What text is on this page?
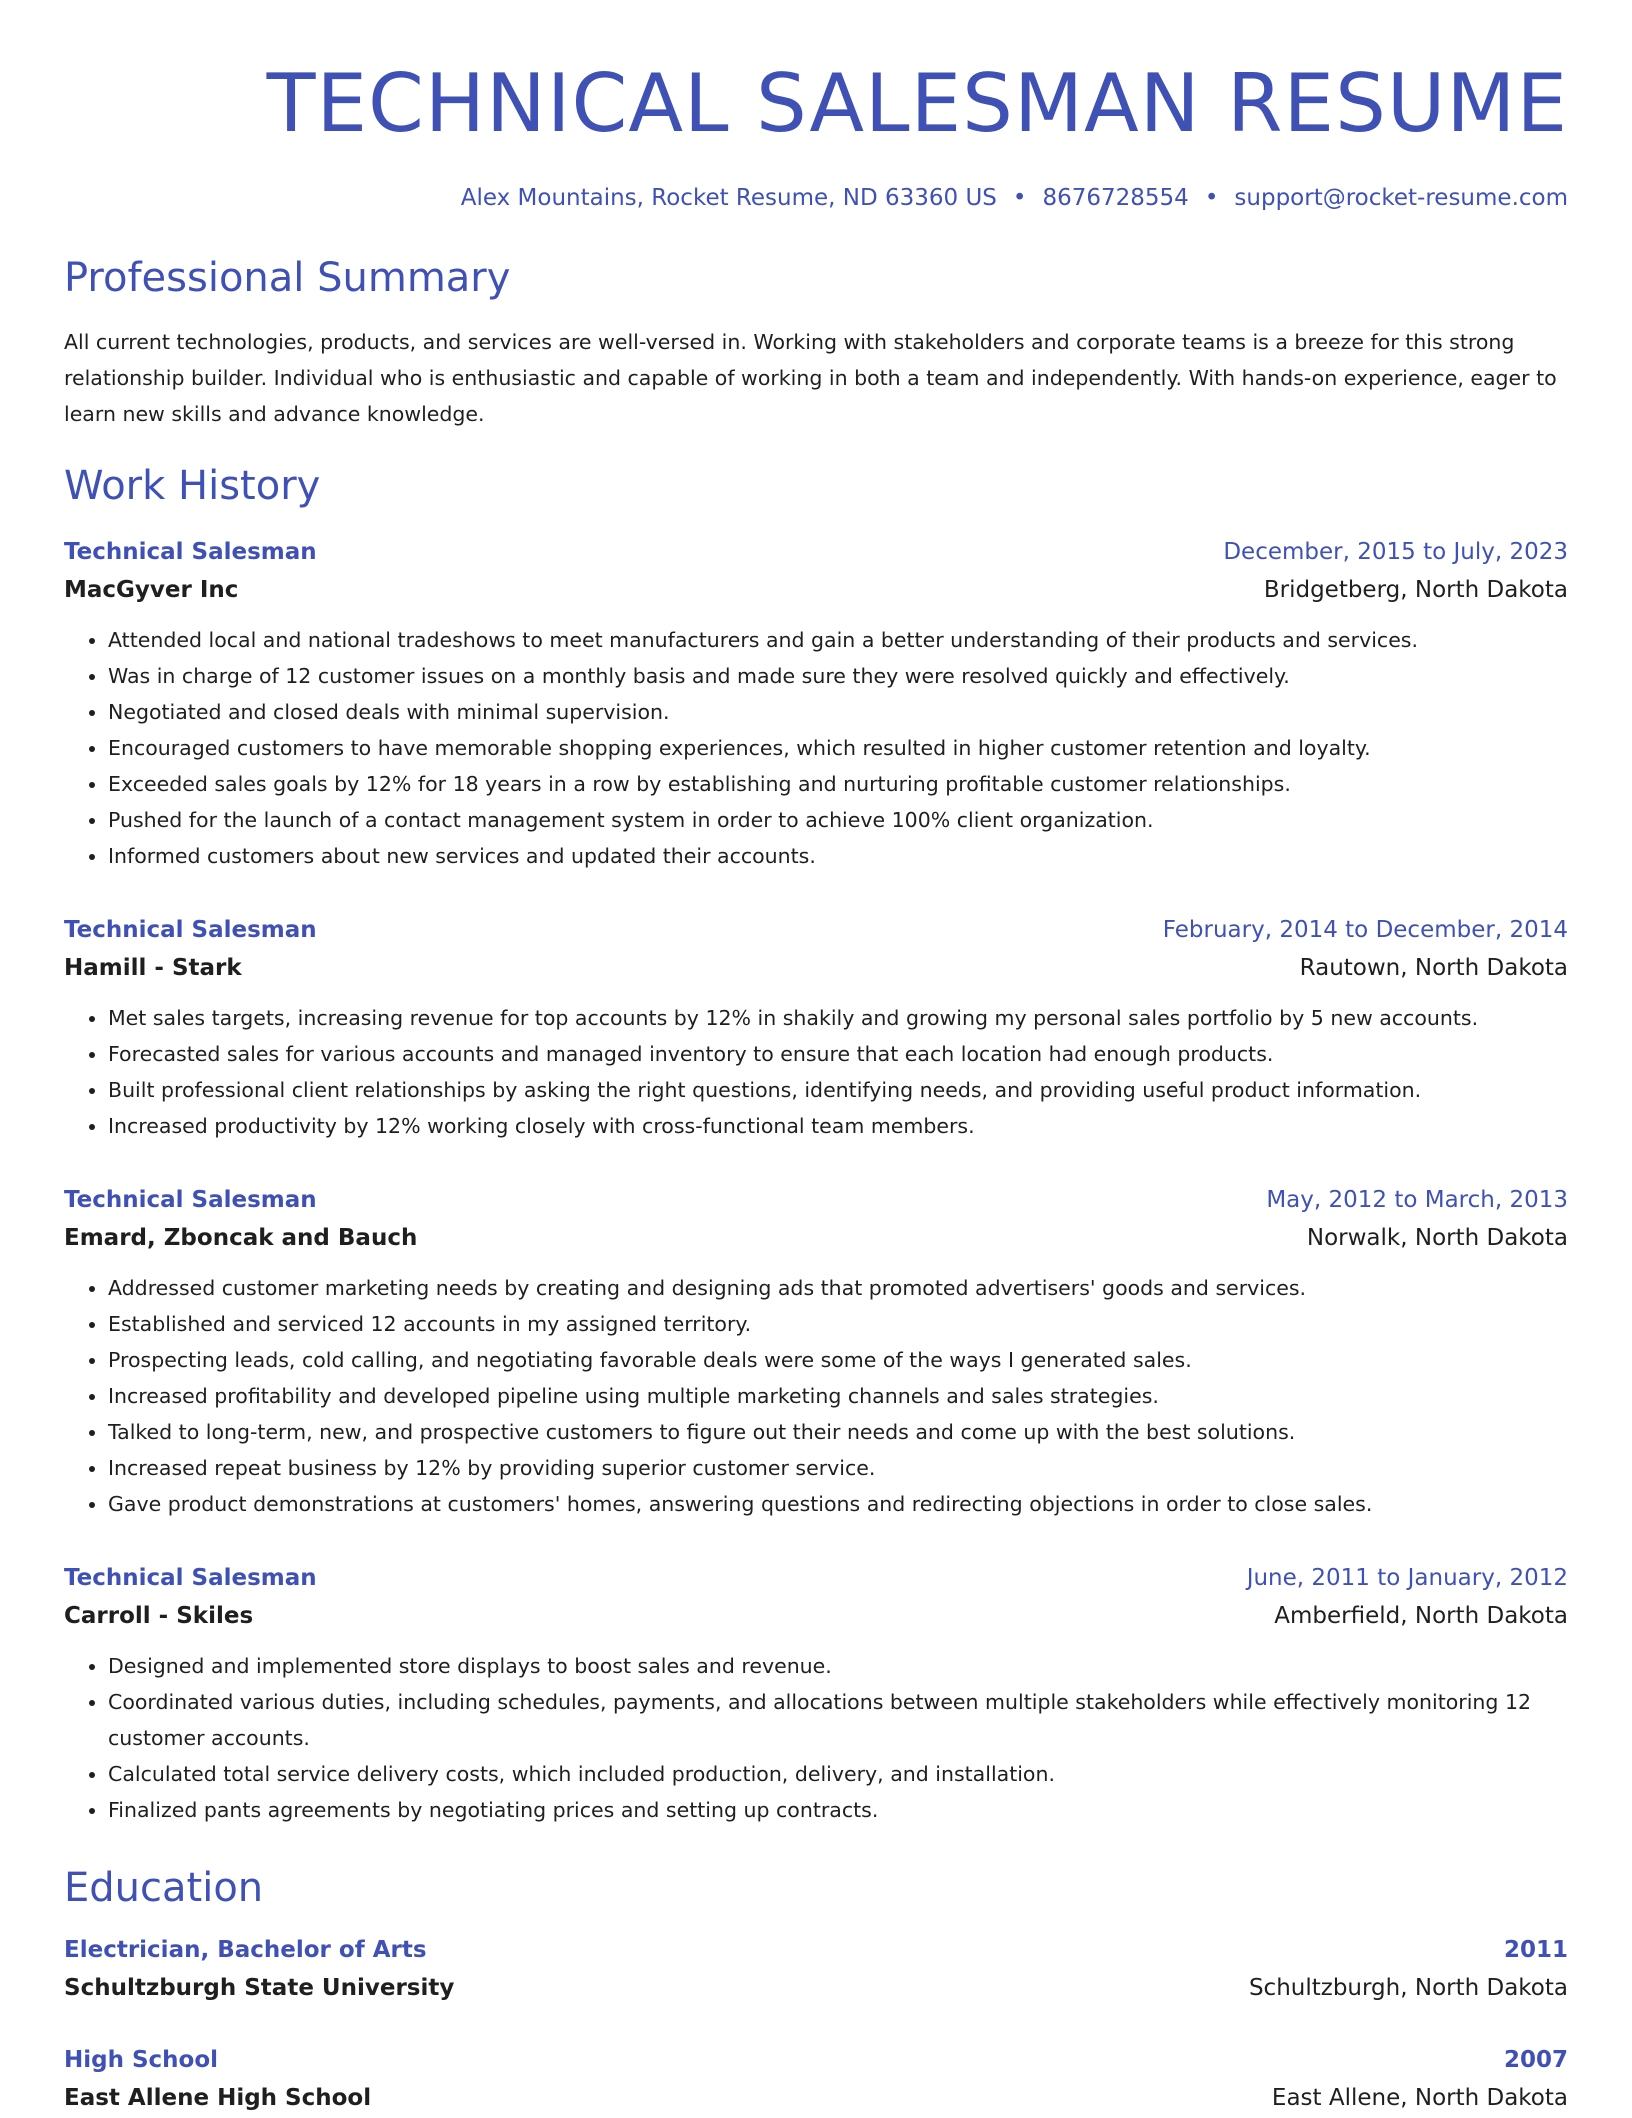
TECHNICAL SALESMAN RESUME
Alex Mountains, Rocket Resume, ND 63360 US • 8676728554 • support@rocket-resume.com
Professional Summary
All current technologies, products, and services are well-versed in. Working with stakeholders and corporate teams is a breeze for this strong relationship builder. Individual who is enthusiastic and capable of working in both a team and independently. With hands-on experience, eager to learn new skills and advance knowledge.
Work History
Technical Salesman	December, 2015 to July, 2023
MacGyver Inc	Bridgetberg, North Dakota
• Attended local and national tradeshows to meet manufacturers and gain a better understanding of their products and services.
• Was in charge of 12 customer issues on a monthly basis and made sure they were resolved quickly and effectively.
• Negotiated and closed deals with minimal supervision.
• Encouraged customers to have memorable shopping experiences, which resulted in higher customer retention and loyalty.
• Exceeded sales goals by 12% for 18 years in a row by establishing and nurturing profitable customer relationships.
• Pushed for the launch of a contact management system in order to achieve 100% client organization.
• Informed customers about new services and updated their accounts.
Technical Salesman	February, 2014 to December, 2014
Hamill - Stark	Rautown, North Dakota
• Met sales targets, increasing revenue for top accounts by 12% in shakily and growing my personal sales portfolio by 5 new accounts.
• Forecasted sales for various accounts and managed inventory to ensure that each location had enough products.
• Built professional client relationships by asking the right questions, identifying needs, and providing useful product information.
• Increased productivity by 12% working closely with cross-functional team members.
Technical Salesman	May, 2012 to March, 2013
Emard, Zboncak and Bauch	Norwalk, North Dakota
• Addressed customer marketing needs by creating and designing ads that promoted advertisers' goods and services.
• Established and serviced 12 accounts in my assigned territory.
• Prospecting leads, cold calling, and negotiating favorable deals were some of the ways I generated sales.
• Increased profitability and developed pipeline using multiple marketing channels and sales strategies.
• Talked to long-term, new, and prospective customers to figure out their needs and come up with the best solutions.
• Increased repeat business by 12% by providing superior customer service.
• Gave product demonstrations at customers' homes, answering questions and redirecting objections in order to close sales.
Technical Salesman	June, 2011 to January, 2012
Carroll - Skiles	Amberfield, North Dakota
• Designed and implemented store displays to boost sales and revenue.
• Coordinated various duties, including schedules, payments, and allocations between multiple stakeholders while effectively monitoring 12 customer accounts.
• Calculated total service delivery costs, which included production, delivery, and installation.
• Finalized pants agreements by negotiating prices and setting up contracts.
Education
Electrician, Bachelor of Arts	2011
Schultzburgh State University	Schultzburgh, North Dakota
High School	2007
East Allene High School	East Allene, North Dakota
